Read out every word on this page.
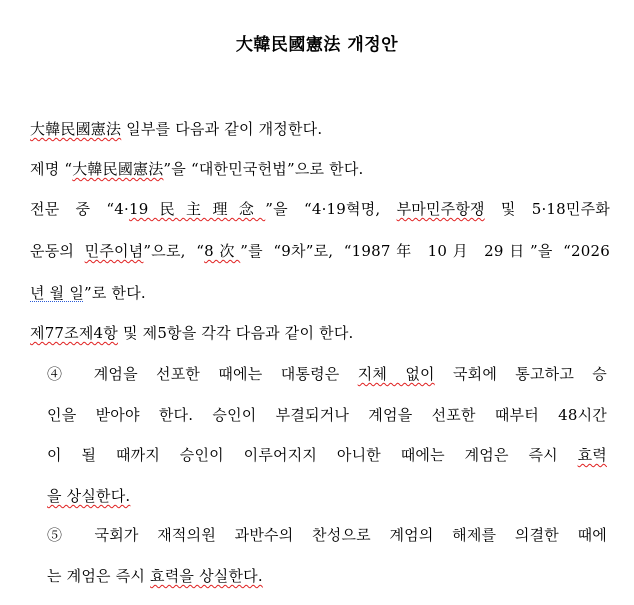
大韓民國憲法 개정안
大韓民國憲法 일부를 다음과 같이 개정한다.
제명 “大韓民國憲法”을 “대한민국헌법”으로 한다.
전문 중 “4·19民主理念”을 “4·19혁명, 부마민주항쟁 및 5·18민주화
운동의 민주이념”으로, “8次”를 “9차”로, “1987年 10月 29日”을 “2026
년 월 일”로 한다.
제77조제4항 및 제5항을 각각 다음과 같이 한다.
④ 계엄을 선포한 때에는 대통령은 지체 없이 국회에 통고하고 승
인을 받아야 한다. 승인이 부결되거나 계엄을 선포한 때부터 48시간
이 될 때까지 승인이 이루어지지 아니한 때에는 계엄은 즉시 효력
을 상실한다.
⑤ 국회가 재적의원 과반수의 찬성으로 계엄의 해제를 의결한 때에
는 계엄은 즉시 효력을 상실한다.
